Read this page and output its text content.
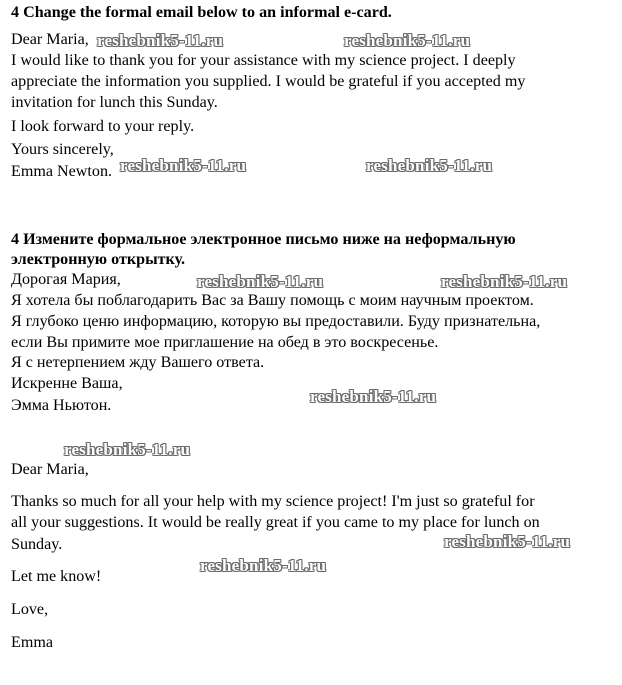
4 Change the formal email below to an informal e-card.
Dear Maria,
I would like to thank you for your assistance with my science project. I deeply
appreciate the information you supplied. I would be grateful if you accepted my
invitation for lunch this Sunday.
I look forward to your reply.
Yours sincerely,
Emma Newton.
4 Измените формальное электронное письмо ниже на неформальную
электронную открытку.
Дорогая Мария,
Я хотела бы поблагодарить Вас за Вашу помощь с моим научным проектом.
Я глубоко ценю информацию, которую вы предоставили. Буду признательна,
если Вы примите мое приглашение на обед в это воскресенье.
Я с нетерпением жду Вашего ответа.
Искренне Ваша,
Эмма Ньютон.
Dear Maria,
Thanks so much for all your help with my science project! I'm just so grateful for
all your suggestions. It would be really great if you came to my place for lunch on
Sunday.
Let me know!
Love,
Emma
reshebnik5-11.ru	reshebnik5-11.ru
reshebnik5-11.ru	reshebnik5-11.ru
reshebnik5-11.ru	reshebnik5-11.ru
reshebnik5-11.ru
reshebnik5-11.ru
reshebnik5-11.ru
reshebnik5-11.ru
